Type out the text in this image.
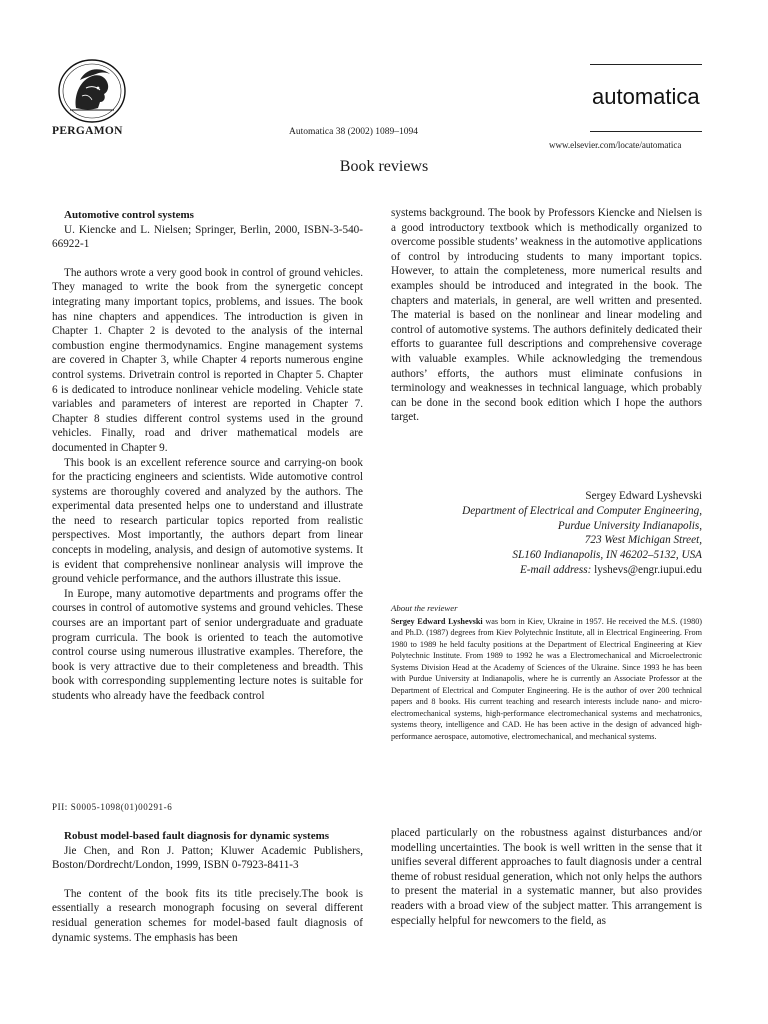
PERGAMON	Automatica 38 (2002) 1089–1094
automatica
www.elsevier.com/locate/automatica
Book reviews

Automotive control systems

U. Kiencke and L. Nielsen; Springer, Berlin, 2000, ISBN-3-540-66922-1

The authors wrote a very good book in control of ground vehicles. They managed to write the book from the synergetic concept integrating many important topics, problems, and issues. The book has nine chapters and appendices. The introduction is given in Chapter 1. Chapter 2 is devoted to the analysis of the internal combustion engine thermodynamics. Engine management systems are covered in Chapter 3, while Chapter 4 reports numerous engine control systems. Drivetrain control is reported in Chapter 5. Chapter 6 is dedicated to introduce nonlinear vehicle modeling. Vehicle state variables and parameters of interest are reported in Chapter 7. Chapter 8 studies different control systems used in the ground vehicles. Finally, road and driver mathematical models are documented in Chapter 9.

This book is an excellent reference source and carrying-on book for the practicing engineers and scientists. Wide automotive control systems are thoroughly covered and analyzed by the authors. The experimental data presented helps one to understand and illustrate the need to research particular topics reported from realistic perspectives. Most importantly, the authors depart from linear concepts in modeling, analysis, and design of automotive systems. It is evident that comprehensive nonlinear analysis will improve the ground vehicle performance, and the authors illustrate this issue.

In Europe, many automotive departments and programs offer the courses in control of automotive systems and ground vehicles. These courses are an important part of senior undergraduate and graduate program curricula. The book is oriented to teach the automotive control course using numerous illustrative examples. Therefore, the book is very attractive due to their completeness and breadth. This book with corresponding supplementing lecture notes is suitable for students who already have the feedback control

systems background. The book by Professors Kiencke and Nielsen is a good introductory textbook which is methodically organized to overcome possible students’ weakness in the automotive applications of control by introducing students to many important topics. However, to attain the completeness, more numerical results and examples should be introduced and integrated in the book. The chapters and materials, in general, are well written and presented. The material is based on the nonlinear and linear modeling and control of automotive systems. The authors definitely dedicated their efforts to guarantee full descriptions and comprehensive coverage with valuable examples. While acknowledging the tremendous authors’ efforts, the authors must eliminate confusions in terminology and weaknesses in technical language, which probably can be done in the second book edition which I hope the authors target.

Sergey Edward Lyshevski
Department of Electrical and Computer Engineering,
Purdue University Indianapolis,
723 West Michigan Street,
SL160 Indianapolis, IN 46202–5132, USA
E-mail address: lyshevs@engr.iupui.edu
About the reviewer

Sergey Edward Lyshevski was born in Kiev, Ukraine in 1957. He received the M.S. (1980) and Ph.D. (1987) degrees from Kiev Polytechnic Institute, all in Electrical Engineering. From 1980 to 1989 he held faculty positions at the Department of Electrical Engineering at Kiev Polytechnic Institute. From 1989 to 1992 he was a Electromechanical and Microelectronic Systems Division Head at the Academy of Sciences of the Ukraine. Since 1993 he has been with Purdue University at Indianapolis, where he is currently an Associate Professor at the Department of Electrical and Computer Engineering. He is the author of over 200 technical papers and 8 books. His current teaching and research interests include nano- and micro-electromechanical systems, high-performance electromechanical systems and mechatronics, systems theory, intelligence and CAD. He has been active in the design of advanced high-performance aerospace, automotive, electromechanical, and mechanical systems.

PII: S0005-1098(01)00291-6

Robust model-based fault diagnosis for dynamic systems

Jie Chen, and Ron J. Patton; Kluwer Academic Publishers, Boston/Dordrecht/London, 1999, ISBN 0-7923-8411-3

The content of the book fits its title precisely.The book is essentially a research monograph focusing on several different residual generation schemes for model-based fault diagnosis of dynamic systems. The emphasis has been

placed particularly on the robustness against disturbances and/or modelling uncertainties. The book is well written in the sense that it unifies several different approaches to fault diagnosis under a central theme of robust residual generation, which not only helps the authors to present the material in a systematic manner, but also provides readers with a broad view of the subject matter. This arrangement is especially helpful for newcomers to the field, as
